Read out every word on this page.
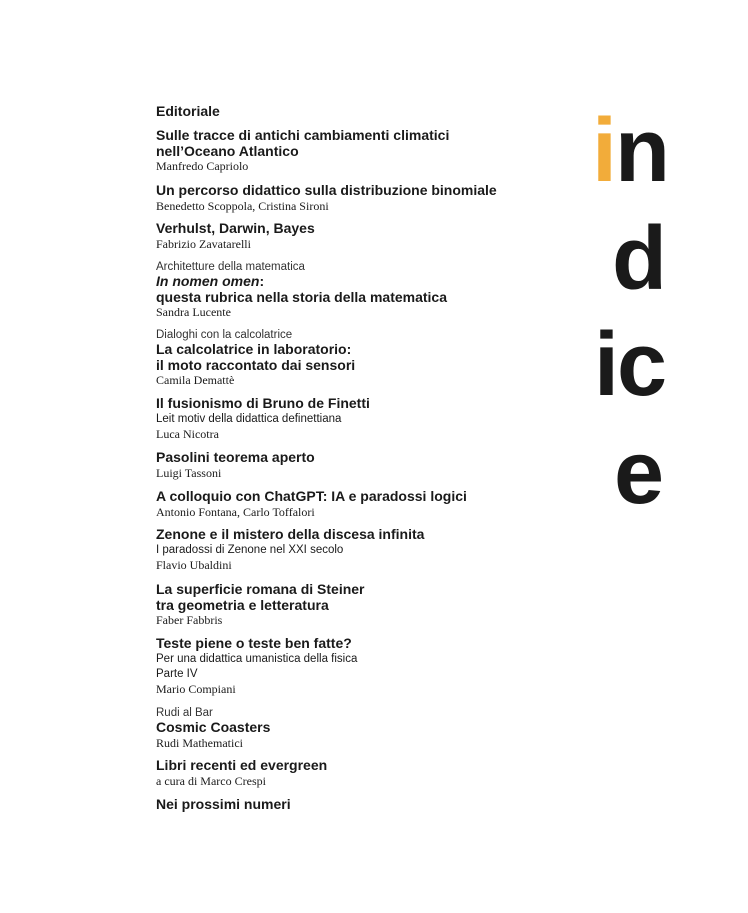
in
d
ic
e
Editoriale
Sulle tracce di antichi cambiamenti climatici
nell’Oceano Atlantico
Manfredo Capriolo
Un percorso didattico sulla distribuzione binomiale
Benedetto Scoppola, Cristina Sironi
Verhulst, Darwin, Bayes
Fabrizio Zavatarelli
Architetture della matematica
In nomen omen:
questa rubrica nella storia della matematica
Sandra Lucente
Dialoghi con la calcolatrice
La calcolatrice in laboratorio:
il moto raccontato dai sensori
Camila Demattè
Il fusionismo di Bruno de Finetti
Leit motiv della didattica definettiana
Luca Nicotra
Pasolini teorema aperto
Luigi Tassoni
A colloquio con ChatGPT: IA e paradossi logici
Antonio Fontana, Carlo Toffalori
Zenone e il mistero della discesa infinita
I paradossi di Zenone nel XXI secolo
Flavio Ubaldini
La superficie romana di Steiner
tra geometria e letteratura
Faber Fabbris
Teste piene o teste ben fatte?
Per una didattica umanistica della fisica
Parte IV
Mario Compiani
Rudi al Bar
Cosmic Coasters
Rudi Mathematici
Libri recenti ed evergreen
a cura di Marco Crespi
Nei prossimi numeri
